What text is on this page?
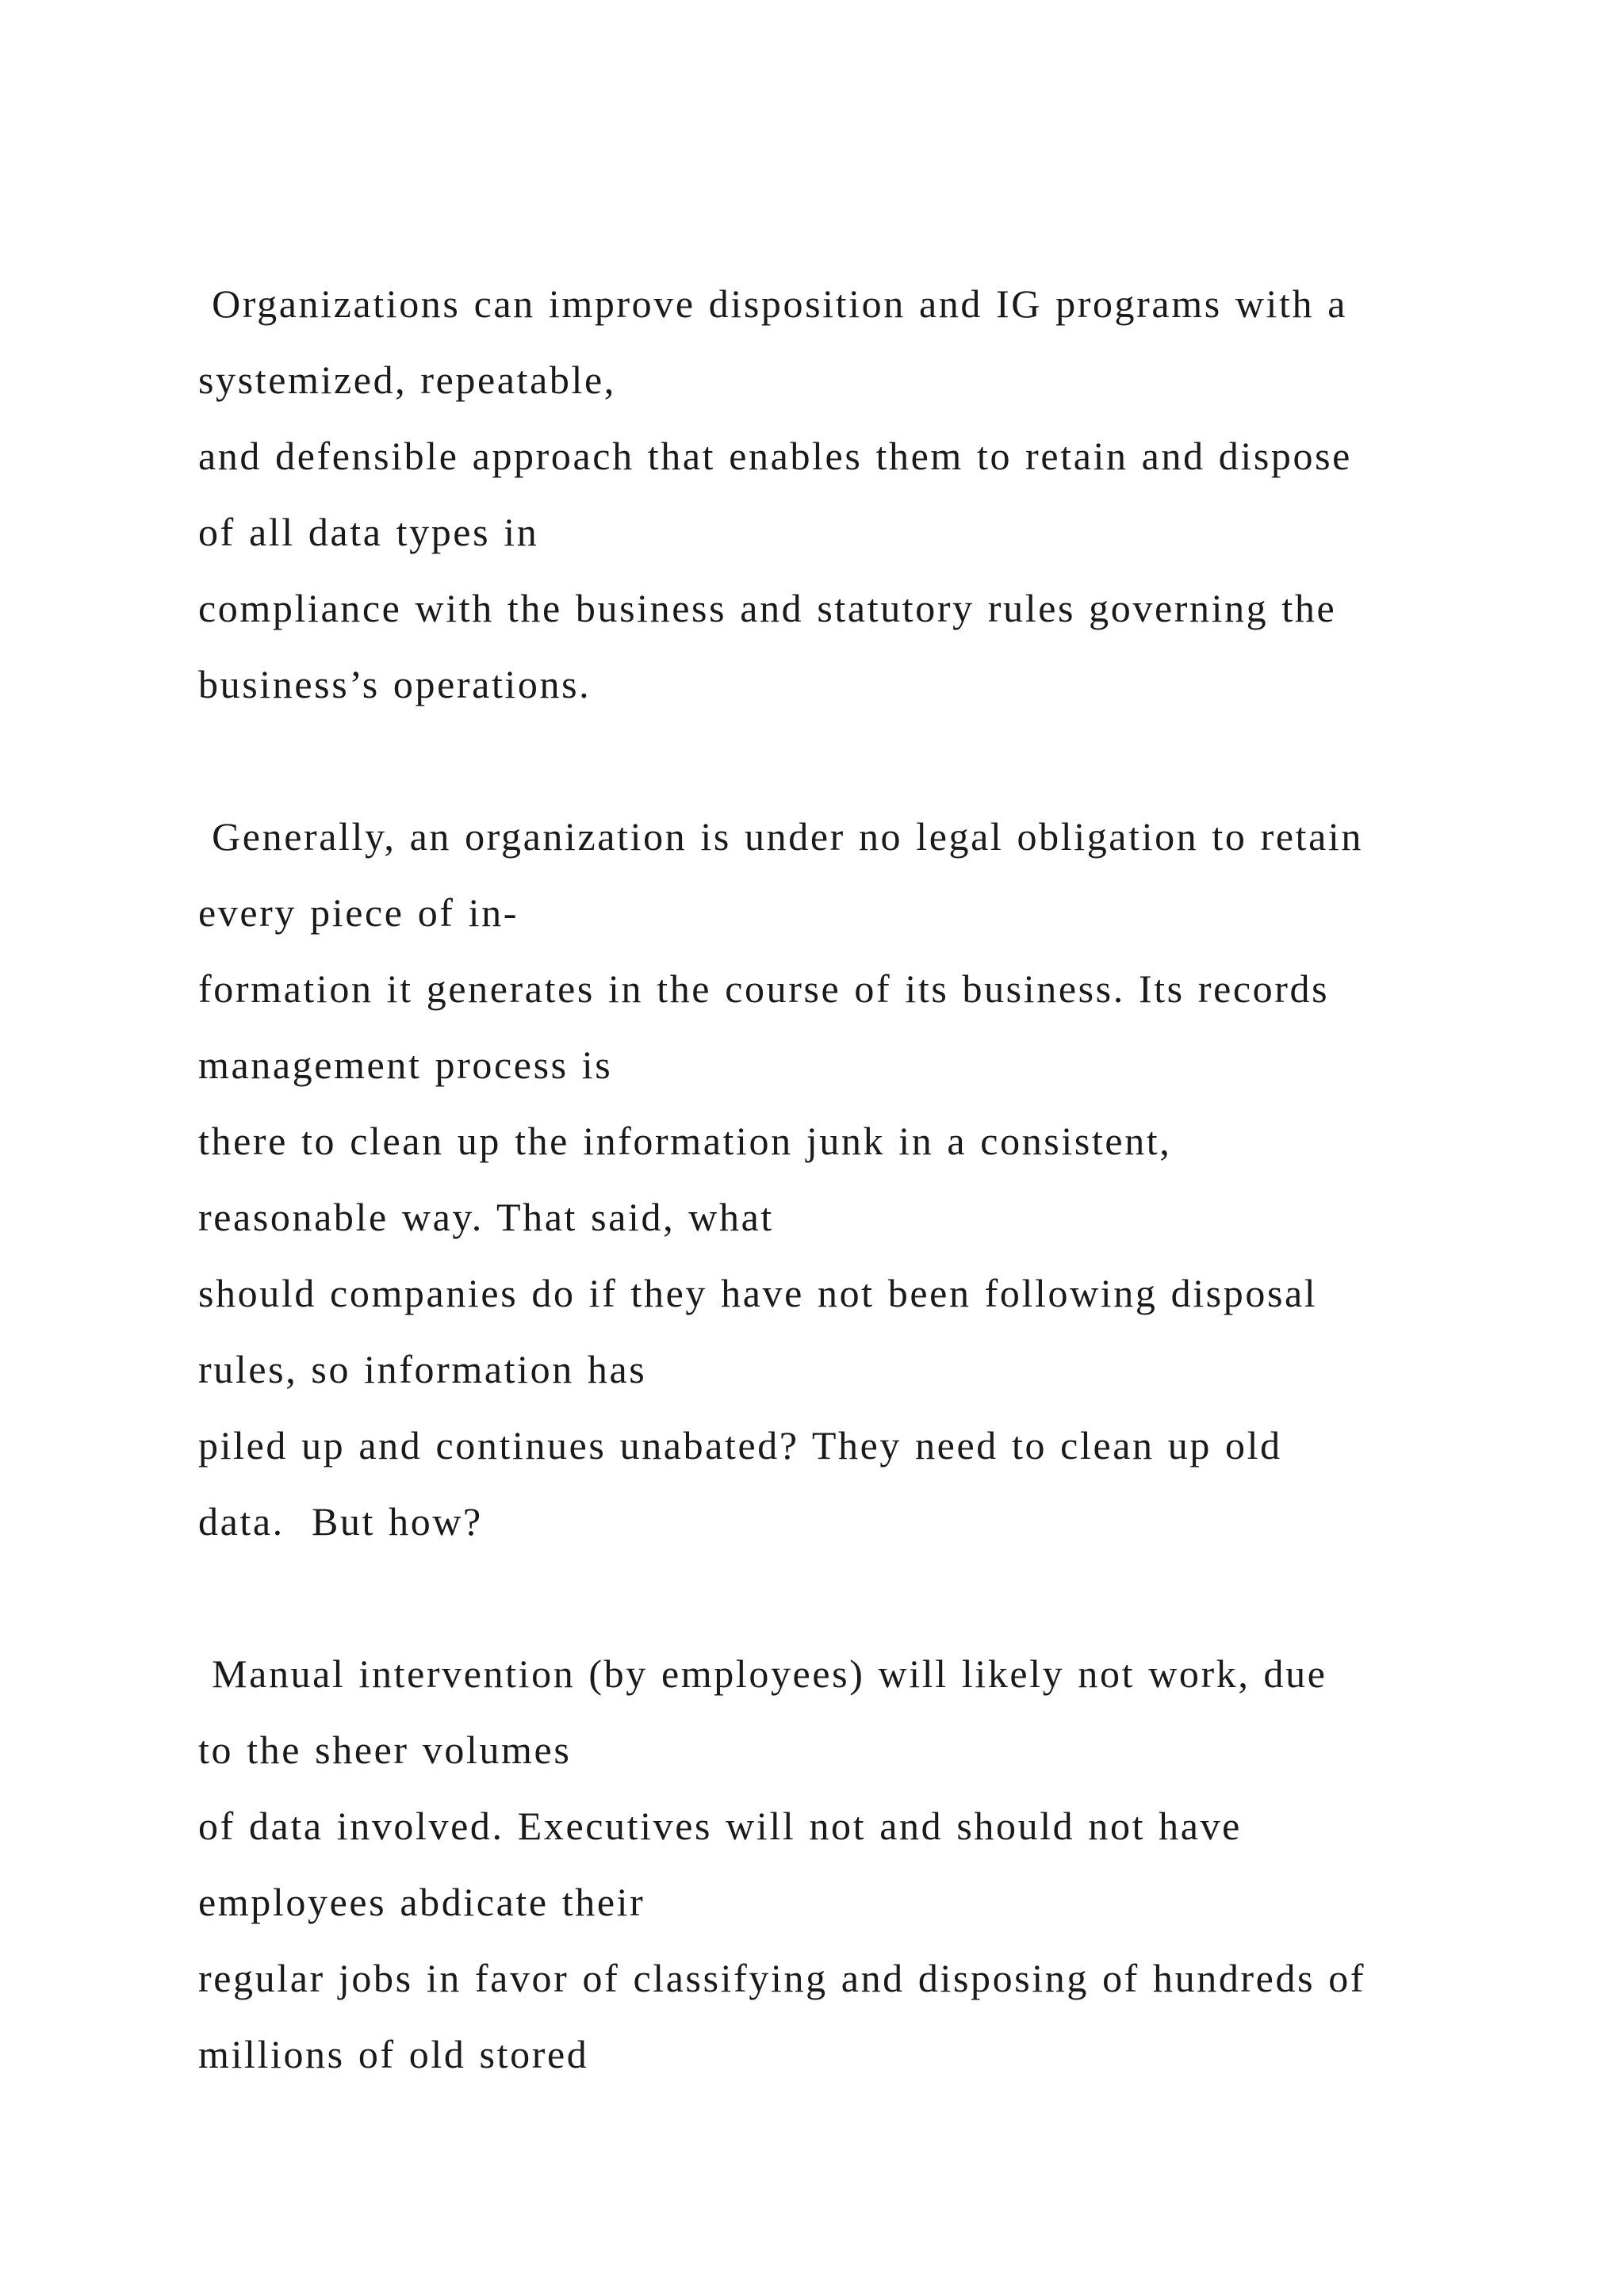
Organizations can improve disposition and IG programs with a
systemized, repeatable,
and defensible approach that enables them to retain and dispose
of all data types in
compliance with the business and statutory rules governing the
business’s operations.

Generally, an organization is under no legal obligation to retain
every piece of in-
formation it generates in the course of its business. Its records
management process is
there to clean up the information junk in a consistent,
reasonable way. That said, what
should companies do if they have not been following disposal
rules, so information has
piled up and continues unabated? They need to clean up old
data.  But how?

Manual intervention (by employees) will likely not work, due
to the sheer volumes
of data involved. Executives will not and should not have
employees abdicate their
regular jobs in favor of classifying and disposing of hundreds of
millions of old stored
